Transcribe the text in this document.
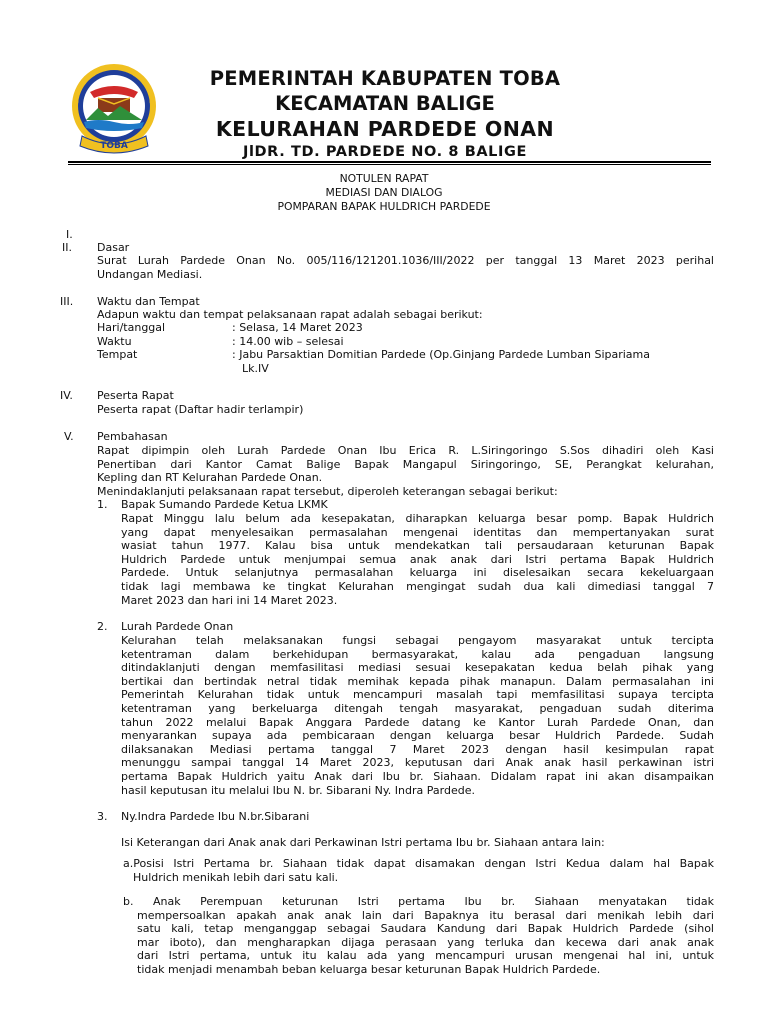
TOBA
PEMERINTAH KABUPATEN TOBA
KECAMATAN BALIGE
KELURAHAN PARDEDE ONAN
JlDR. TD. PARDEDE NO. 8 BALIGE
NOTULEN RAPAT
MEDIASI DAN DIALOG
POMPARAN BAPAK HULDRICH PARDEDE
I.
II. Dasar
Surat Lurah Pardede Onan No. 005/116/121201.1036/III/2022 per tanggal 13 Maret 2023 perihal
Undangan Mediasi.
III. Waktu dan Tempat
Adapun waktu dan tempat pelaksanaan rapat adalah sebagai berikut:
Hari/tanggal	: Selasa, 14 Maret 2023
Waktu	: 14.00 wib – selesai
Tempat	: Jabu Parsaktian Domitian Pardede (Op.Ginjang Pardede Lumban Sipariama
Lk.IV
IV. Peserta Rapat
Peserta rapat (Daftar hadir terlampir)
V. Pembahasan
Rapat dipimpin oleh Lurah Pardede Onan Ibu Erica R. L.Siringoringo S.Sos dihadiri oleh Kasi
Penertiban dari Kantor Camat Balige Bapak Mangapul Siringoringo, SE, Perangkat kelurahan,
Kepling dan RT Kelurahan Pardede Onan.
Menindaklanjuti pelaksanaan rapat tersebut, diperoleh keterangan sebagai berikut:
1. Bapak Sumando Pardede Ketua LKMK
Rapat Minggu lalu belum ada kesepakatan, diharapkan keluarga besar pomp. Bapak Huldrich
yang dapat menyelesaikan permasalahan mengenai identitas dan mempertanyakan surat
wasiat tahun 1977. Kalau bisa untuk mendekatkan tali persaudaraan keturunan Bapak
Huldrich Pardede untuk menjumpai semua anak anak dari Istri pertama Bapak Huldrich
Pardede. Untuk selanjutnya permasalahan keluarga ini diselesaikan secara kekeluargaan
tidak lagi membawa ke tingkat Kelurahan mengingat sudah dua kali dimediasi tanggal 7
Maret 2023 dan hari ini 14 Maret 2023.
2. Lurah Pardede Onan
Kelurahan telah melaksanakan fungsi sebagai pengayom masyarakat untuk tercipta
ketentraman dalam berkehidupan bermasyarakat, kalau ada pengaduan langsung
ditindaklanjuti dengan memfasilitasi mediasi sesuai kesepakatan kedua belah pihak yang
bertikai dan bertindak netral tidak memihak kepada pihak manapun. Dalam permasalahan ini
Pemerintah Kelurahan tidak untuk mencampuri masalah tapi memfasilitasi supaya tercipta
ketentraman yang berkeluarga ditengah tengah masyarakat, pengaduan sudah diterima
tahun 2022 melalui Bapak Anggara Pardede datang ke Kantor Lurah Pardede Onan, dan
menyarankan supaya ada pembicaraan dengan keluarga besar Huldrich Pardede. Sudah
dilaksanakan Mediasi pertama tanggal 7 Maret 2023 dengan hasil kesimpulan rapat
menunggu sampai tanggal 14 Maret 2023, keputusan dari Anak anak hasil perkawinan istri
pertama Bapak Huldrich yaitu Anak dari Ibu br. Siahaan. Didalam rapat ini akan disampaikan
hasil keputusan itu melalui Ibu N. br. Sibarani Ny. Indra Pardede.
3. Ny.Indra Pardede Ibu N.br.Sibarani
Isi Keterangan dari Anak anak dari Perkawinan Istri pertama Ibu br. Siahaan antara lain:
a.Posisi Istri Pertama br. Siahaan tidak dapat disamakan dengan Istri Kedua dalam hal Bapak
Huldrich menikah lebih dari satu kali.
b. Anak Perempuan keturunan Istri pertama Ibu br. Siahaan menyatakan tidak
mempersoalkan apakah anak anak lain dari Bapaknya itu berasal dari menikah lebih dari
satu kali, tetap menganggap sebagai Saudara Kandung dari Bapak Huldrich Pardede (sihol
mar iboto), dan mengharapkan dijaga perasaan yang terluka dan kecewa dari anak anak
dari Istri pertama, untuk itu kalau ada yang mencampuri urusan mengenai hal ini, untuk
tidak menjadi menambah beban keluarga besar keturunan Bapak Huldrich Pardede.
